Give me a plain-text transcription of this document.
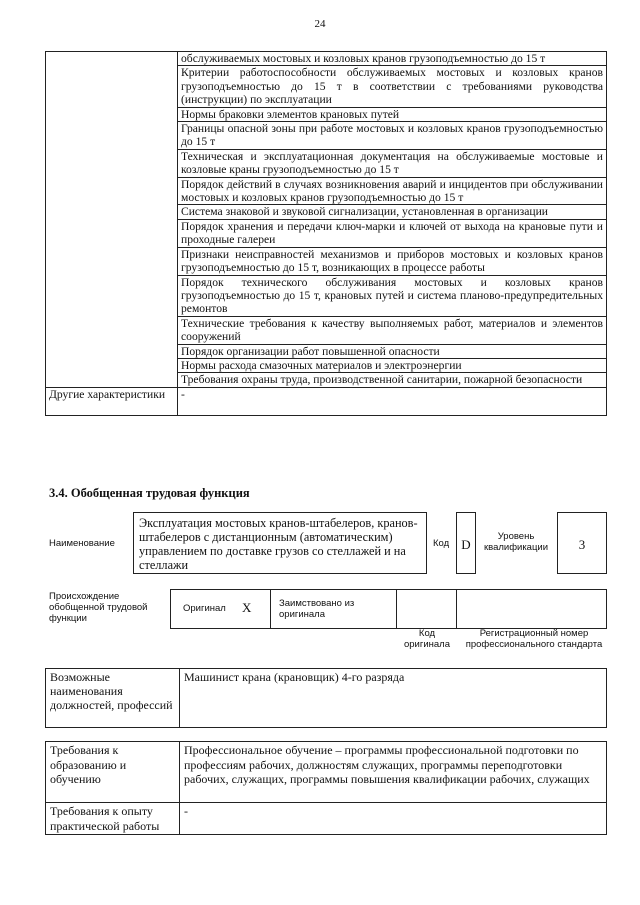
24
	обслуживаемых мостовых и козловых кранов грузоподъемностью до 15 т
	Критерии работоспособности обслуживаемых мостовых и козловых кранов грузоподъемностью до 15 т в соответствии с требованиями руководства (инструкции) по эксплуатации
	Нормы браковки элементов крановых путей
	Границы опасной зоны при работе мостовых и козловых кранов грузоподъемностью до 15 т
	Техническая и эксплуатационная документация на обслуживаемые мостовые и козловые краны грузоподъемностью до 15 т
	Порядок действий в случаях возникновения аварий и инцидентов при обслуживании мостовых и козловых кранов грузоподъемностью до 15 т
	Система знаковой и звуковой сигнализации, установленная в организации
	Порядок хранения и передачи ключ-марки и ключей от выхода на крановые пути и проходные галереи
	Признаки неисправностей механизмов и приборов мостовых и козловых кранов грузоподъемностью до 15 т, возникающих в процессе работы
	Порядок технического обслуживания мостовых и козловых кранов грузоподъемностью до 15 т, крановых путей и система планово-предупредительных ремонтов
	Технические требования к качеству выполняемых работ, материалов и элементов сооружений
	Порядок организации работ повышенной опасности
	Нормы расхода смазочных материалов и электроэнергии
	Требования охраны труда, производственной санитарии, пожарной безопасности
Другие характеристики	-
3.4. Обобщенная трудовая функция
Наименование
Эксплуатация мостовых кранов-штабелеров, кранов-штабелеров с дистанционным (автоматическим) управлением по доставке грузов со стеллажей и на стеллажи
Код D
Уровень квалификации	3
Происхождение обобщенной трудовой функции
Оригинал X	Заимствовано из оригинала
Код оригинала
Регистрационный номер профессионального стандарта
Возможные наименования должностей, профессий	Машинист крана (крановщик) 4-го разряда
Требования к образованию и обучению	Профессиональное обучение – программы профессиональной подготовки по профессиям рабочих, должностям служащих, программы переподготовки рабочих, служащих, программы повышения квалификации рабочих, служащих
Требования к опыту практической работы	-
